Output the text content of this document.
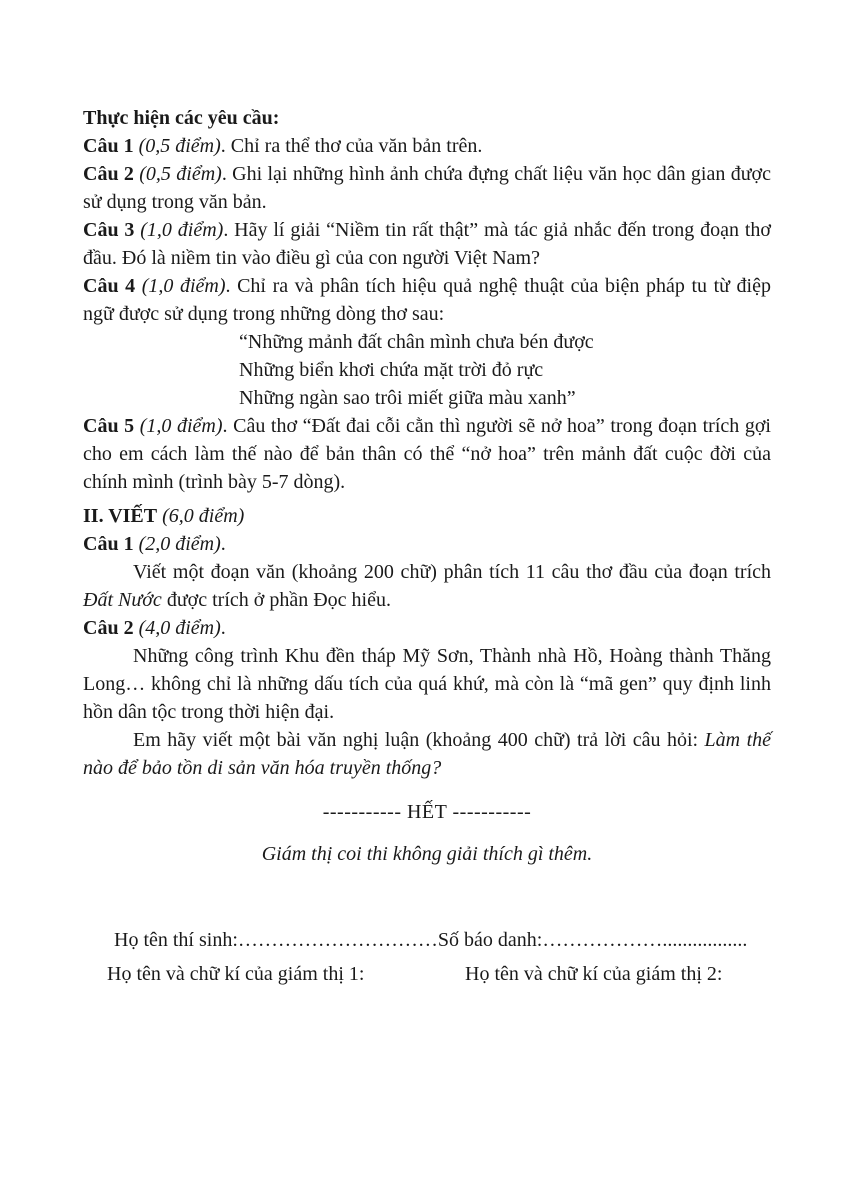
Thực hiện các yêu cầu:

Câu 1 (0,5 điểm). Chỉ ra thể thơ của văn bản trên.

Câu 2 (0,5 điểm). Ghi lại những hình ảnh chứa đựng chất liệu văn học dân gian được sử dụng trong văn bản.

Câu 3 (1,0 điểm). Hãy lí giải “Niềm tin rất thật” mà tác giả nhắc đến trong đoạn thơ đầu. Đó là niềm tin vào điều gì của con người Việt Nam?

Câu 4 (1,0 điểm). Chỉ ra và phân tích hiệu quả nghệ thuật của biện pháp tu từ điệp ngữ được sử dụng trong những dòng thơ sau:

“Những mảnh đất chân mình chưa bén được
Những biển khơi chứa mặt trời đỏ rực
Những ngàn sao trôi miết giữa màu xanh”

Câu 5 (1,0 điểm). Câu thơ “Đất đai cỗi cằn thì người sẽ nở hoa” trong đoạn trích gợi cho em cách làm thế nào để bản thân có thể “nở hoa” trên mảnh đất cuộc đời của chính mình (trình bày 5-7 dòng).

II. VIẾT (6,0 điểm)

Câu 1 (2,0 điểm).

Viết một đoạn văn (khoảng 200 chữ) phân tích 11 câu thơ đầu của đoạn trích Đất Nước được trích ở phần Đọc hiểu.

Câu 2 (4,0 điểm).

Những công trình Khu đền tháp Mỹ Sơn, Thành nhà Hồ, Hoàng thành Thăng Long… không chỉ là những dấu tích của quá khứ, mà còn là “mã gen” quy định linh hồn dân tộc trong thời hiện đại.

Em hãy viết một bài văn nghị luận (khoảng 400 chữ) trả lời câu hỏi: Làm thế nào để bảo tồn di sản văn hóa truyền thống?

----------- HẾT -----------

Giám thị coi thi không giải thích gì thêm.

Họ tên thí sinh:…………………………Số báo danh:……………….................

Họ tên và chữ kí của giám thị 1:	Họ tên và chữ kí của giám thị 2:
